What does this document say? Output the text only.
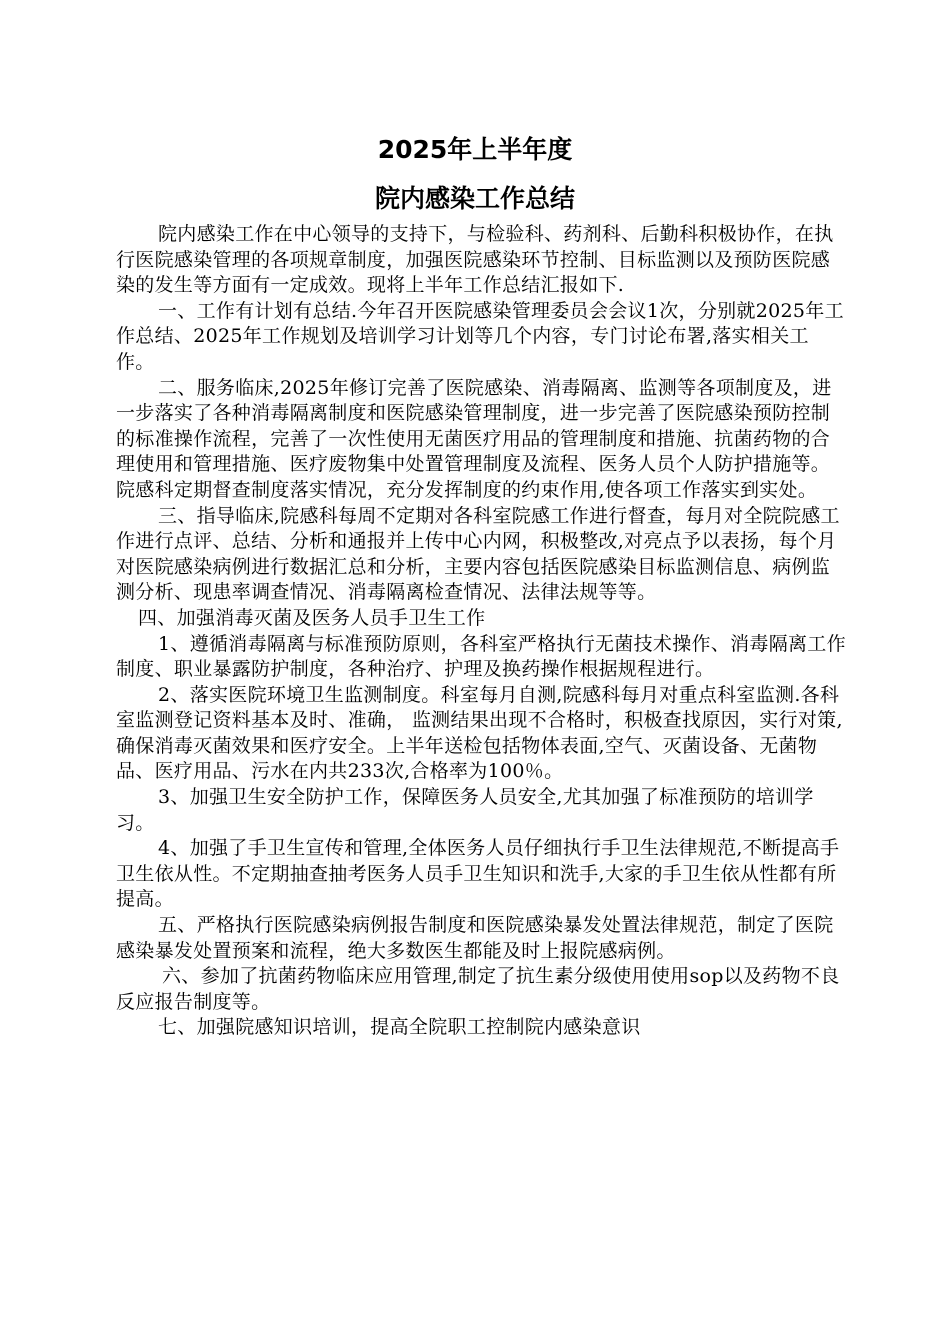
2025年上半年度
院内感染工作总结

院内感染工作在中心领导的支持下，与检验科、药剂科、后勤科积极协作，在执行医院感染管理的各项规章制度，加强医院感染环节控制、目标监测以及预防医院感染的发生等方面有一定成效。现将上半年工作总结汇报如下.

一、工作有计划有总结.今年召开医院感染管理委员会会议1次，分别就2025年工作总结、2025年工作规划及培训学习计划等几个内容，专门讨论布署,落实相关工作。

二、服务临床,2025年修订完善了医院感染、消毒隔离、监测等各项制度及，进一步落实了各种消毒隔离制度和医院感染管理制度，进一步完善了医院感染预防控制的标准操作流程，完善了一次性使用无菌医疗用品的管理制度和措施、抗菌药物的合理使用和管理措施、医疗废物集中处置管理制度及流程、医务人员个人防护措施等。院感科定期督查制度落实情况，充分发挥制度的约束作用,使各项工作落实到实处。

三、指导临床,院感科每周不定期对各科室院感工作进行督查，每月对全院院感工作进行点评、总结、分析和通报并上传中心内网，积极整改,对亮点予以表扬，每个月对医院感染病例进行数据汇总和分析，主要内容包括医院感染目标监测信息、病例监测分析、现患率调查情况、消毒隔离检查情况、法律法规等等。

四、加强消毒灭菌及医务人员手卫生工作

1、遵循消毒隔离与标准预防原则，各科室严格执行无菌技术操作、消毒隔离工作制度、职业暴露防护制度，各种治疗、护理及换药操作根据规程进行。

2、落实医院环境卫生监测制度。科室每月自测,院感科每月对重点科室监测.各科室监测登记资料基本及时、准确， 监测结果出现不合格时，积极查找原因，实行对策,确保消毒灭菌效果和医疗安全。上半年送检包括物体表面,空气、灭菌设备、无菌物品、医疗用品、污水在内共233次,合格率为100％。

3、加强卫生安全防护工作，保障医务人员安全,尤其加强了标准预防的培训学习。

4、加强了手卫生宣传和管理,全体医务人员仔细执行手卫生法律规范,不断提高手卫生依从性。不定期抽查抽考医务人员手卫生知识和洗手,大家的手卫生依从性都有所提高。

五、严格执行医院感染病例报告制度和医院感染暴发处置法律规范，制定了医院感染暴发处置预案和流程，绝大多数医生都能及时上报院感病例。

六、参加了抗菌药物临床应用管理,制定了抗生素分级使用使用sop以及药物不良反应报告制度等。

七、加强院感知识培训，提高全院职工控制院内感染意识
